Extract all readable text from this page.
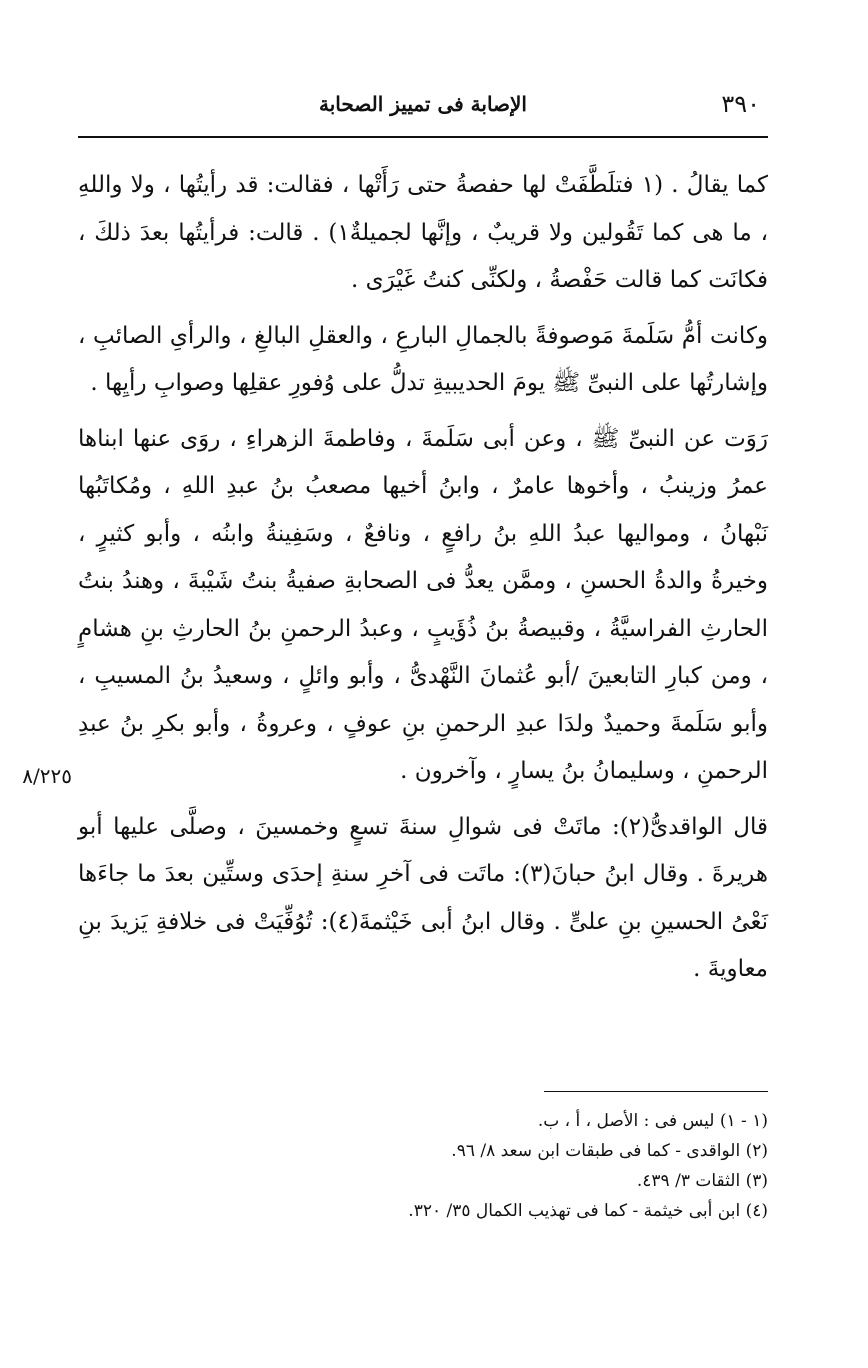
٣٩٠
الإصابة فى تمييز الصحابة
٨/٢٢٥

كما يقالُ . (١ فتلَطَّفَتْ لها حفصةُ حتى رَأَتْها ، فقالت: قد رأيتُها ، ولا واللهِ ، ما هى كما تَقُولين ولا قريبٌ ، وإنَّها لجميلةٌ١) . قالت: فرأيتُها بعدَ ذلكَ ، فكانَت كما قالت حَفْصةُ ، ولكنِّى كنتُ غَيْرَى .

وكانت أمُّ سَلَمةَ مَوصوفةً بالجمالِ البارعِ ، والعقلِ البالغِ ، والرأىِ الصائبِ ، وإشارتُها على النبىِّ ﷺ يومَ الحديبيةِ تدلُّ على وُفورِ عقلِها وصوابِ رأيِها .

رَوَت عن النبىِّ ﷺ ، وعن أبى سَلَمةَ ، وفاطمةَ الزهراءِ ، روَى عنها ابناها عمرُ وزينبُ ، وأخوها عامرٌ ، وابنُ أخيها مصعبُ بنُ عبدِ اللهِ ، ومُكاتَبُها نَبْهانُ ، ومواليها عبدُ اللهِ بنُ رافعٍ ، ونافعٌ ، وسَفِينةُ وابنُه ، وأبو كثيرٍ ، وخيرةُ والدةُ الحسنِ ، وممَّن يعدُّ فى الصحابةِ صفيةُ بنتُ شَيْبةَ ، وهندُ بنتُ الحارثِ الفراسيَّةُ ، وقبيصةُ بنُ ذُؤَيبٍ ، وعبدُ الرحمنِ بنُ الحارثِ بنِ هشامٍ ، ومن كبارِ التابعينَ /أبو عُثمانَ النَّهْدىُّ ، وأبو وائلٍ ، وسعيدُ بنُ المسيبِ ، وأبو سَلَمةَ وحميدٌ ولدَا عبدِ الرحمنِ بنِ عوفٍ ، وعروةُ ، وأبو بكرِ بنُ عبدِ الرحمنِ ، وسليمانُ بنُ يسارٍ ، وآخرون .

قال الواقدىُّ(٢): ماتَتْ فى شوالِ سنةَ تسعٍ وخمسينَ ، وصلَّى عليها أبو هريرةَ . وقال ابنُ حبانَ(٣): ماتَت فى آخرِ سنةِ إحدَى وستِّين بعدَ ما جاءَها نَعْىُ الحسينِ بنِ علىٍّ . وقال ابنُ أبى خَيْثمةَ(٤): تُوُفِّيَتْ فى خلافةِ يَزيدَ بنِ معاويةَ .

(١ - ١) ليس فى : الأصل ، أ ، ب.

(٢) الواقدى - كما فى طبقات ابن سعد ٨/ ٩٦.

(٣) الثقات ٣/ ٤٣٩.

(٤) ابن أبى خيثمة - كما فى تهذيب الكمال ٣٥/ ٣٢٠.
